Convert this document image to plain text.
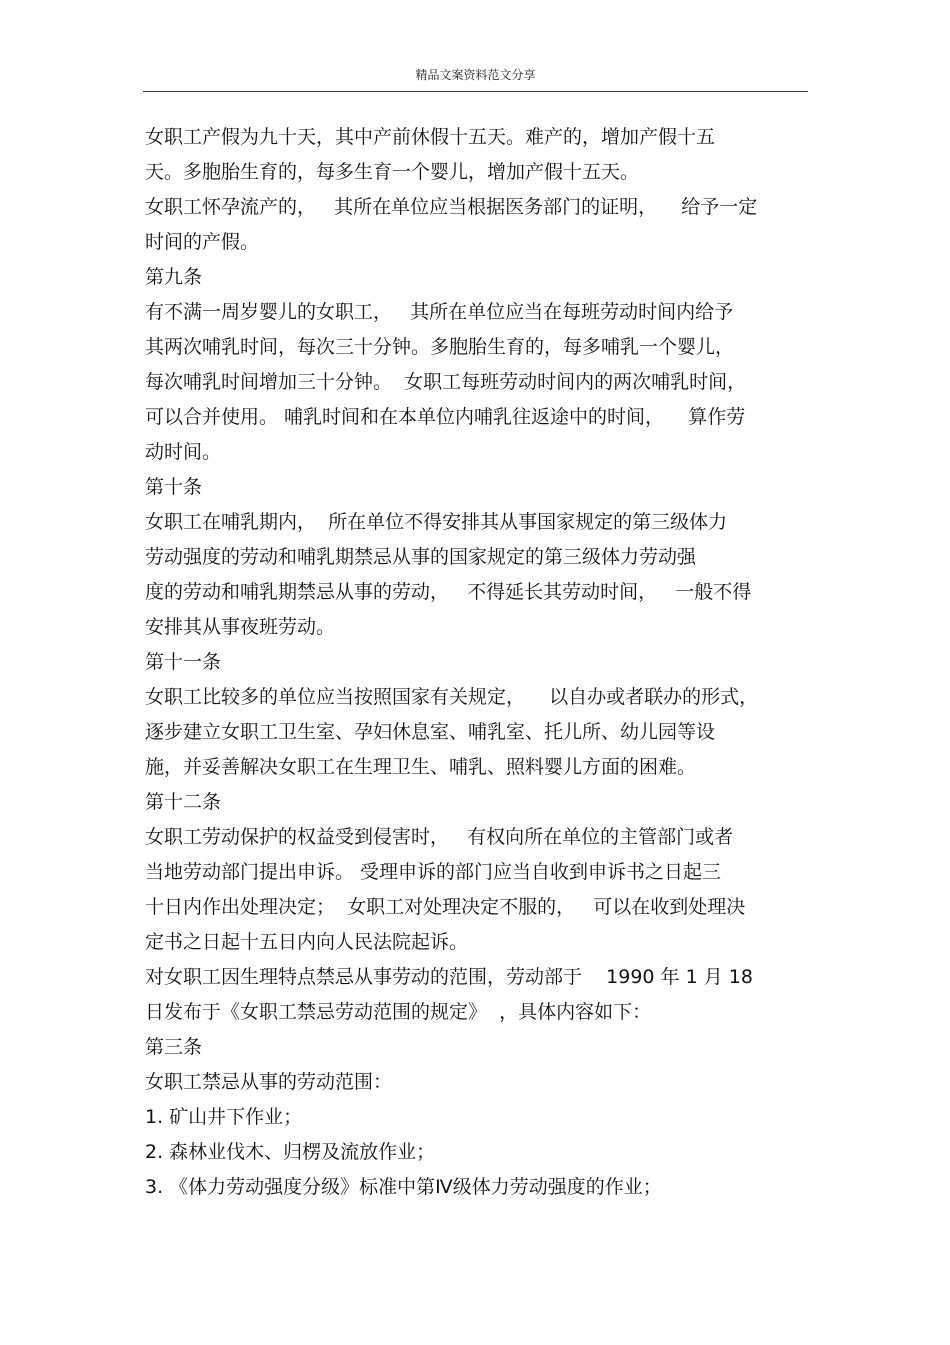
精品文案资料范文分享
女职工产假为九十天，其中产前休假十五天。难产的，增加产假十五
天。多胞胎生育的，每多生育一个婴儿，增加产假十五天。
女职工怀孕流产的，   其所在单位应当根据医务部门的证明，    给予一定
时间的产假。
第九条
有不满一周岁婴儿的女职工，   其所在单位应当在每班劳动时间内给予
其两次哺乳时间，每次三十分钟。多胞胎生育的，每多哺乳一个婴儿，
每次哺乳时间增加三十分钟。  女职工每班劳动时间内的两次哺乳时间，
可以合并使用。 哺乳时间和在本单位内哺乳往返途中的时间，    算作劳
动时间。
第十条
女职工在哺乳期内，  所在单位不得安排其从事国家规定的第三级体力
劳动强度的劳动和哺乳期禁忌从事的国家规定的第三级体力劳动强
度的劳动和哺乳期禁忌从事的劳动，   不得延长其劳动时间，   一般不得
安排其从事夜班劳动。
第十一条
女职工比较多的单位应当按照国家有关规定，    以自办或者联办的形式，
逐步建立女职工卫生室、孕妇休息室、哺乳室、托儿所、幼儿园等设
施，并妥善解决女职工在生理卫生、哺乳、照料婴儿方面的困难。
第十二条
女职工劳动保护的权益受到侵害时，   有权向所在单位的主管部门或者
当地劳动部门提出申诉。 受理申诉的部门应当自收到申诉书之日起三
十日内作出处理决定；  女职工对处理决定不服的，   可以在收到处理决
定书之日起十五日内向人民法院起诉。
对女职工因生理特点禁忌从事劳动的范围，劳动部于    1990 年 1 月 18
日发布于《女职工禁忌劳动范围的规定》  ，具体内容如下：
第三条
女职工禁忌从事的劳动范围：
1. 矿山井下作业；
2. 森林业伐木、归楞及流放作业；
3. 《体力劳动强度分级》标准中第Ⅳ级体力劳动强度的作业；
